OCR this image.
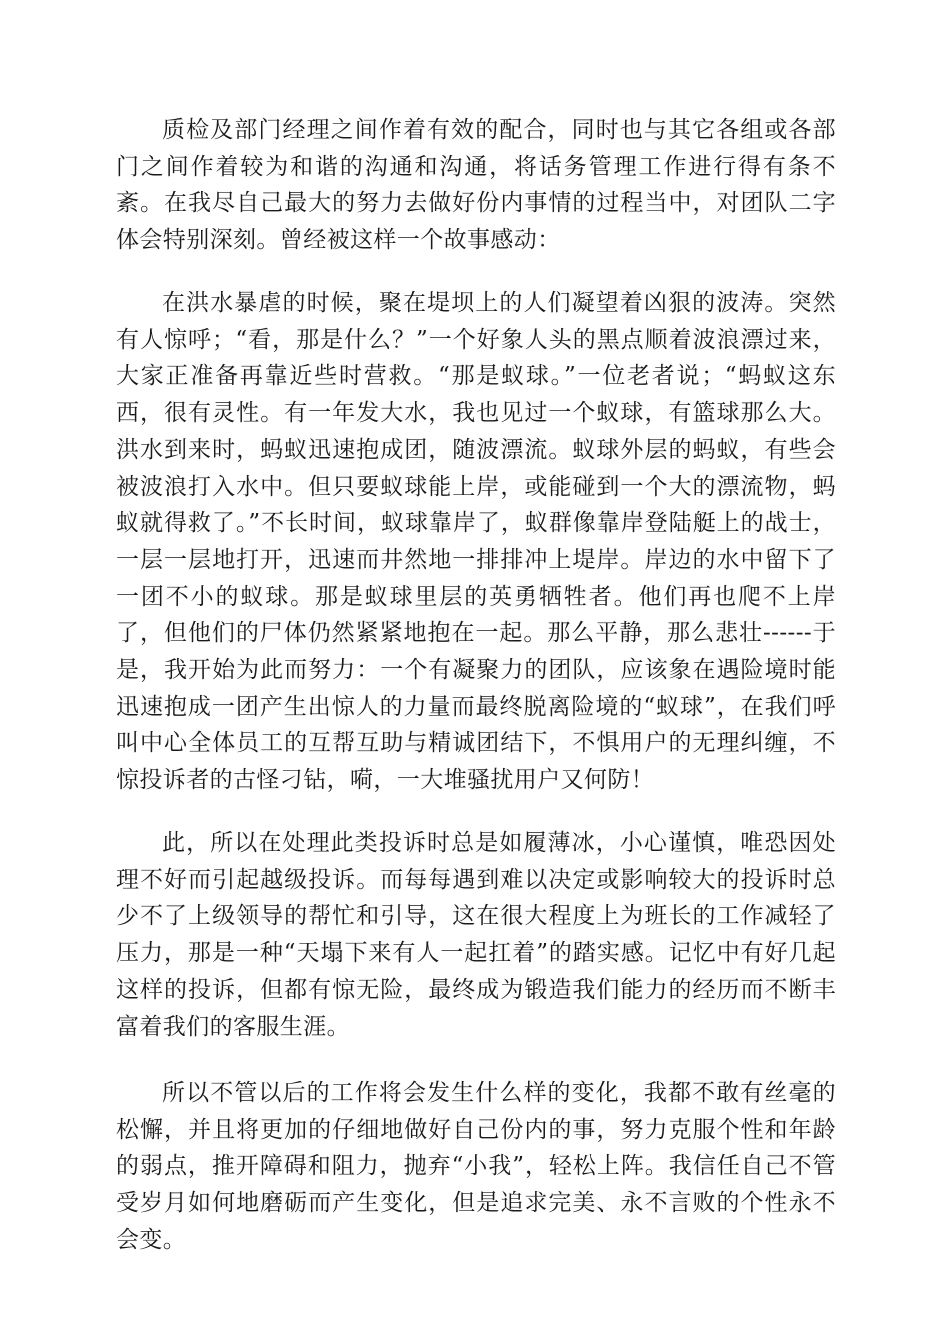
质检及部门经理之间作着有效的配合，同时也与其它各组或各部门之间作着较为和谐的沟通和沟通，将话务管理工作进行得有条不紊。在我尽自己最大的努力去做好份内事情的过程当中，对团队二字体会特别深刻。曾经被这样一个故事感动：

在洪水暴虐的时候，聚在堤坝上的人们凝望着凶狠的波涛。突然有人惊呼；“看，那是什么？”一个好象人头的黑点顺着波浪漂过来，大家正准备再靠近些时营救。“那是蚁球。”一位老者说；“蚂蚁这东西，很有灵性。有一年发大水，我也见过一个蚁球，有篮球那么大。洪水到来时，蚂蚁迅速抱成团，随波漂流。蚁球外层的蚂蚁，有些会被波浪打入水中。但只要蚁球能上岸，或能碰到一个大的漂流物，蚂蚁就得救了。”不长时间，蚁球靠岸了，蚁群像靠岸登陆艇上的战士，一层一层地打开，迅速而井然地一排排冲上堤岸。岸边的水中留下了一团不小的蚁球。那是蚁球里层的英勇牺牲者。他们再也爬不上岸了，但他们的尸体仍然紧紧地抱在一起。那么平静，那么悲壮------于是，我开始为此而努力：一个有凝聚力的团队，应该象在遇险境时能迅速抱成一团产生出惊人的力量而最终脱离险境的“蚁球”，在我们呼叫中心全体员工的互帮互助与精诚团结下，不惧用户的无理纠缠，不惊投诉者的古怪刁钻，嗬，一大堆骚扰用户又何防！

此，所以在处理此类投诉时总是如履薄冰，小心谨慎，唯恐因处理不好而引起越级投诉。而每每遇到难以决定或影响较大的投诉时总少不了上级领导的帮忙和引导，这在很大程度上为班长的工作减轻了压力，那是一种“天塌下来有人一起扛着”的踏实感。记忆中有好几起这样的投诉，但都有惊无险，最终成为锻造我们能力的经历而不断丰富着我们的客服生涯。

所以不管以后的工作将会发生什么样的变化，我都不敢有丝毫的松懈，并且将更加的仔细地做好自己份内的事，努力克服个性和年龄的弱点，推开障碍和阻力，抛弃“小我”，轻松上阵。我信任自己不管受岁月如何地磨砺而产生变化，但是追求完美、永不言败的个性永不会变。
